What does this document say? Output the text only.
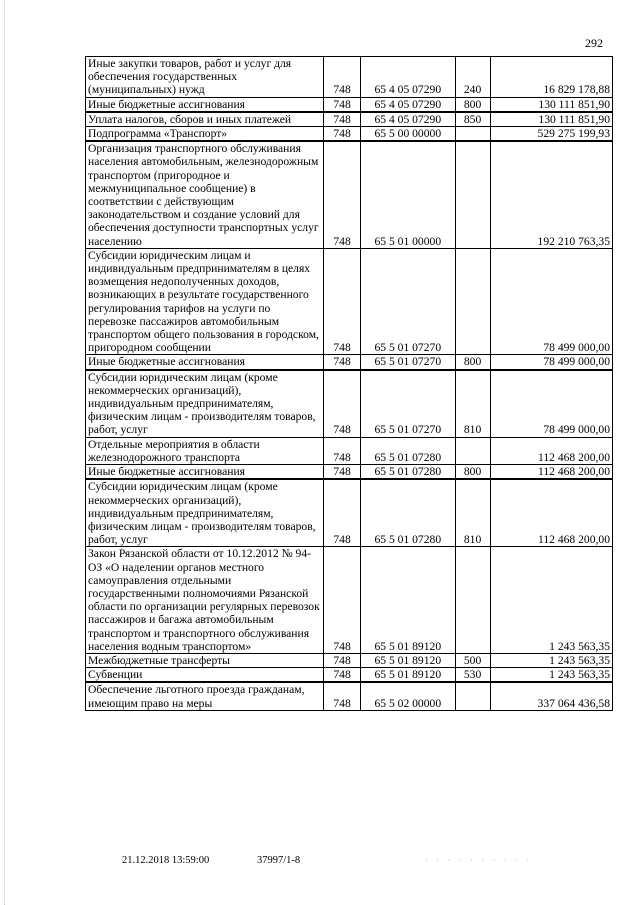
292
Иные закупки товаров, работ и услуг для обеспечения государственных (муниципальных) нужд	748	65 4 05 07290	240	16 829 178,88
Иные бюджетные ассигнования	748	65 4 05 07290	800	130 111 851,90
Уплата налогов, сборов и иных платежей	748	65 4 05 07290	850	130 111 851,90
Подпрограмма «Транспорт»	748	65 5 00 00000		529 275 199,93
Организация транспортного обслуживания населения автомобильным, железнодорожным транспортом (пригородное и межмуниципальное сообщение) в соответствии с действующим законодательством и создание условий для обеспечения доступности транспортных услуг населению	748	65 5 01 00000		192 210 763,35
Субсидии юридическим лицам и индивидуальным предпринимателям в целях возмещения недополученных доходов, возникающих в результате государственного регулирования тарифов на услуги по перевозке пассажиров автомобильным транспортом общего пользования в городском, пригородном сообщении	748	65 5 01 07270		78 499 000,00
Иные бюджетные ассигнования	748	65 5 01 07270	800	78 499 000,00
Субсидии юридическим лицам (кроме некоммерческих организаций), индивидуальным предпринимателям, физическим лицам - производителям товаров, работ, услуг	748	65 5 01 07270	810	78 499 000,00
Отдельные мероприятия в области железнодорожного транспорта	748	65 5 01 07280		112 468 200,00
Иные бюджетные ассигнования	748	65 5 01 07280	800	112 468 200,00
Субсидии юридическим лицам (кроме некоммерческих организаций), индивидуальным предпринимателям, физическим лицам - производителям товаров, работ, услуг	748	65 5 01 07280	810	112 468 200,00
Закон Рязанской области от 10.12.2012 № 94-ОЗ «О наделении органов местного самоуправления отдельными государственными полномочиями Рязанской области по организации регулярных перевозок пассажиров и багажа автомобильным транспортом и транспортного обслуживания населения водным транспортом»	748	65 5 01 89120		1 243 563,35
Межбюджетные трансферты	748	65 5 01 89120	500	1 243 563,35
Субвенции	748	65 5 01 89120	530	1 243 563,35
Обеспечение льготного проезда гражданам, имеющим право на меры	748	65 5 02 00000		337 064 436,58
21.12.2018 13:59:00	37997/1-8	· · · · · · · · · ·
